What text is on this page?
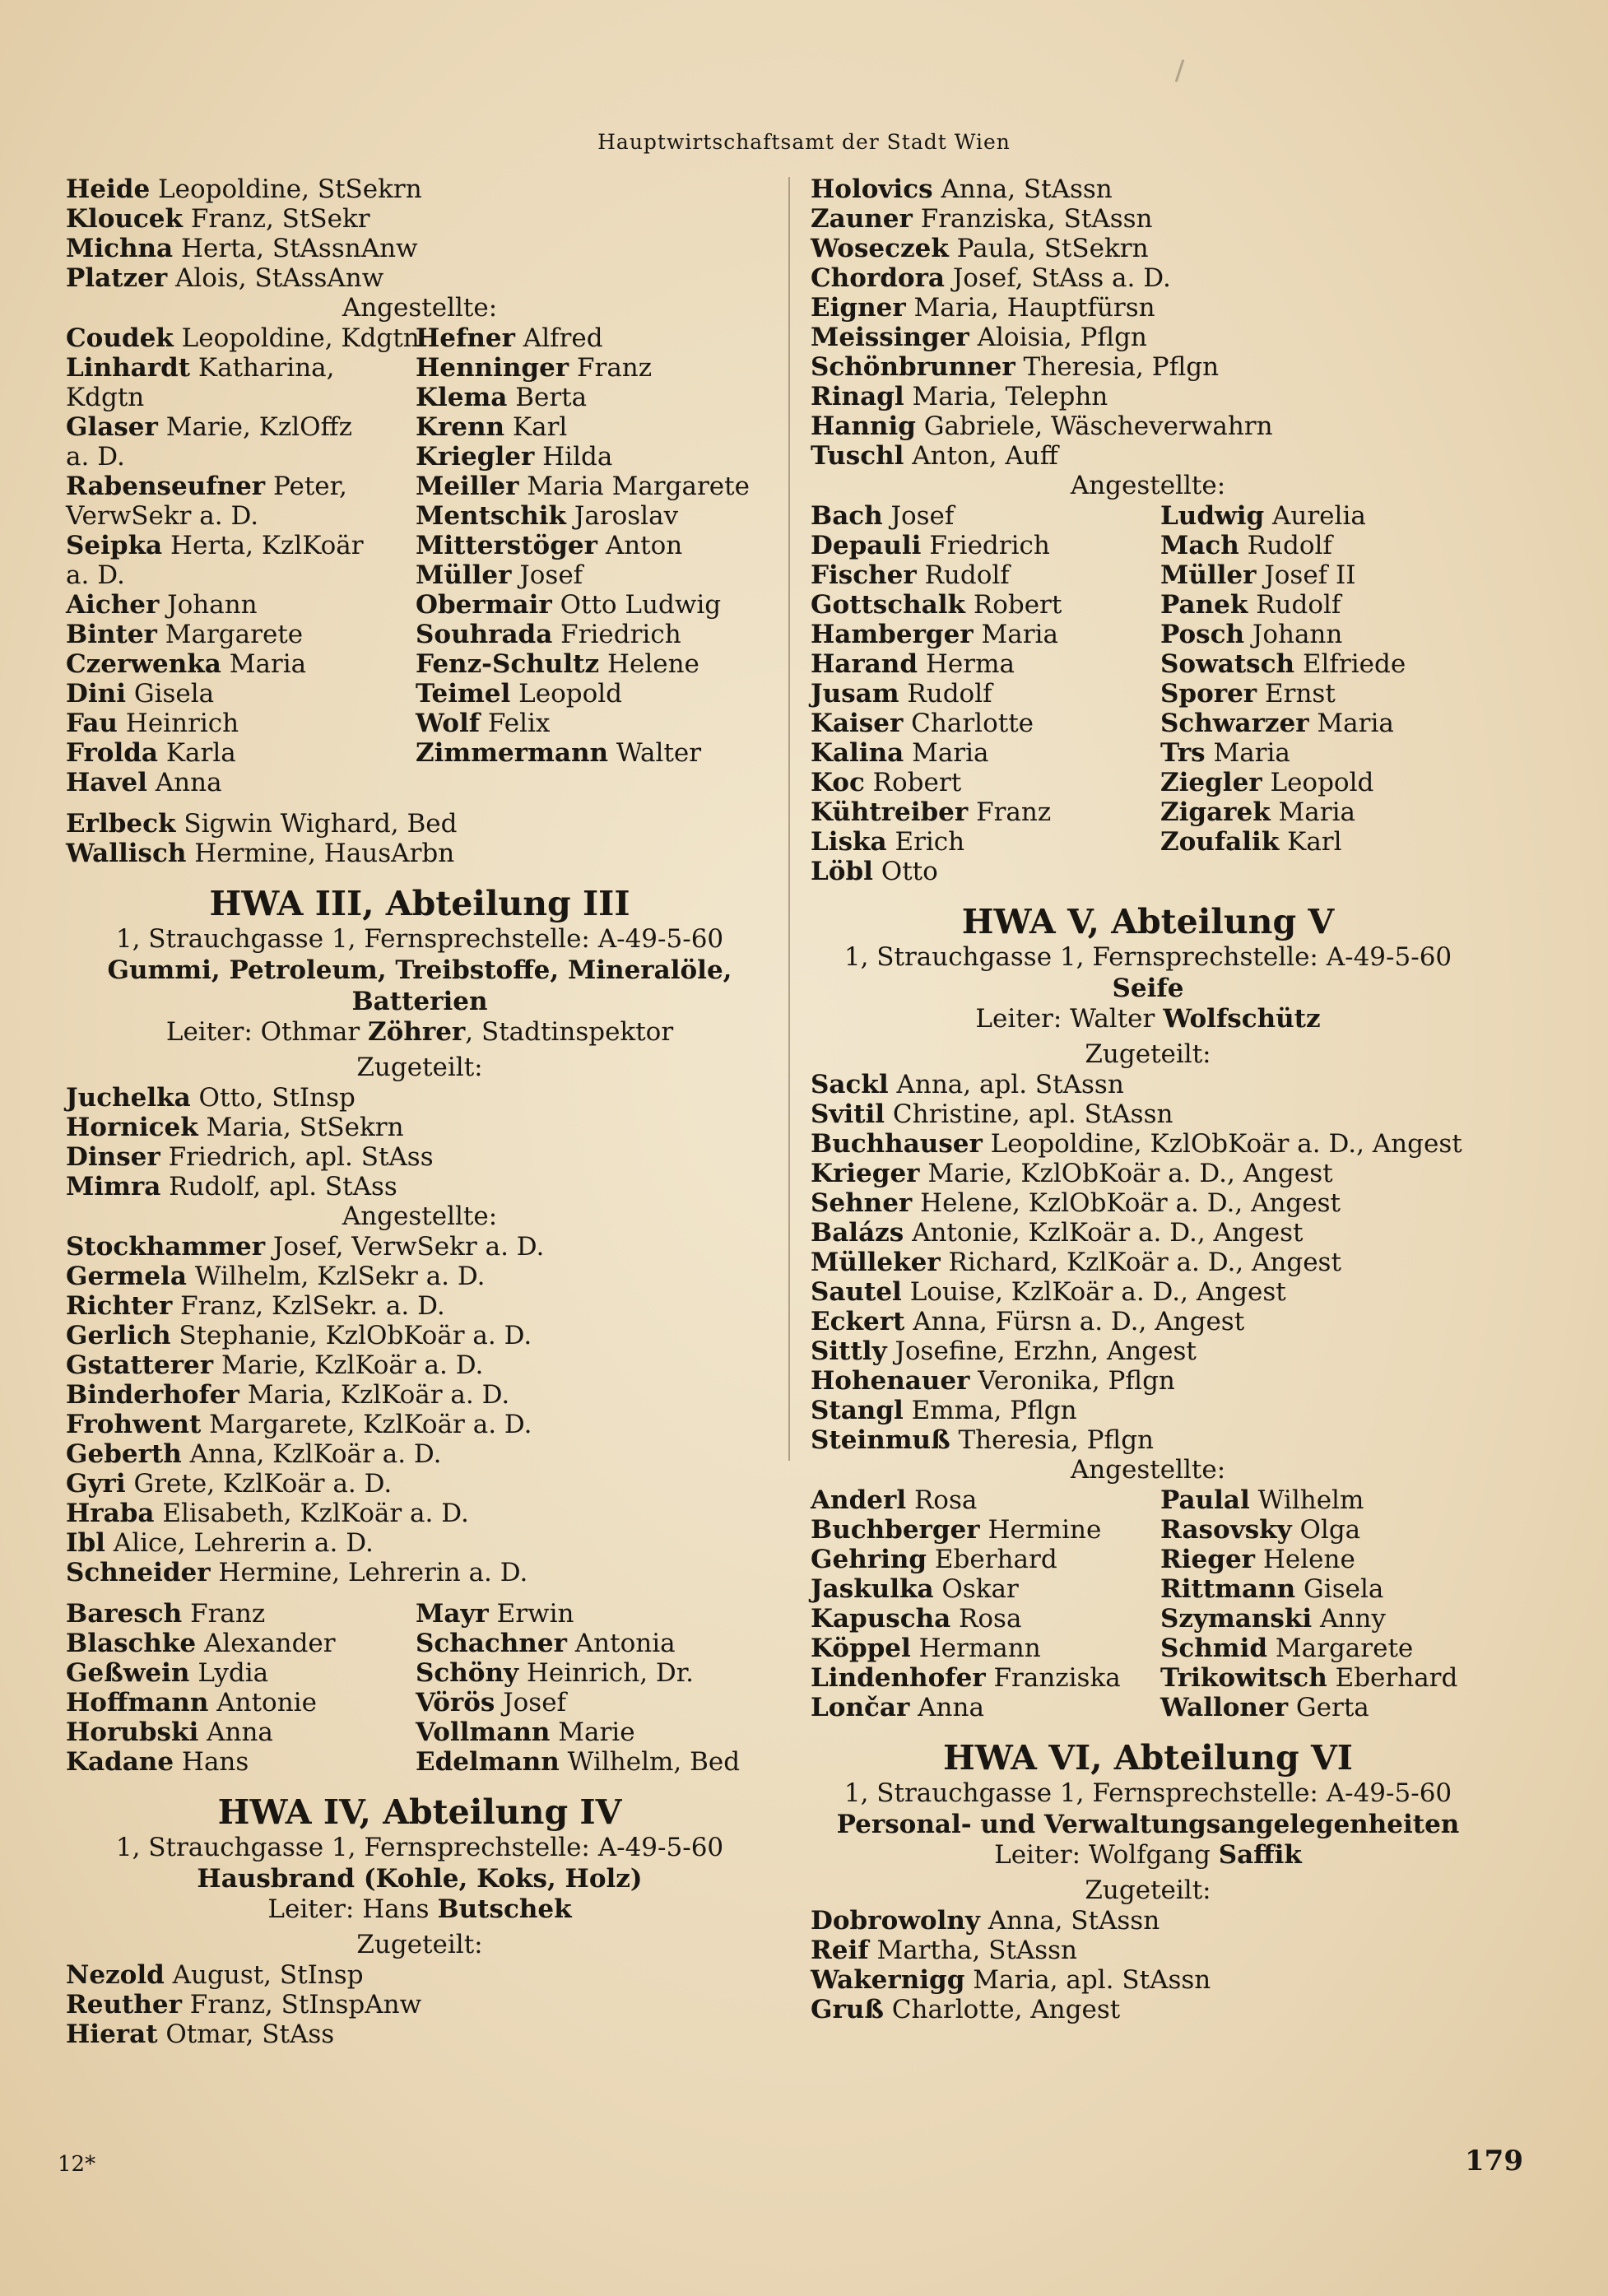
Hauptwirtschaftsamt der Stadt Wien
Heide Leopoldine, StSekrn
Kloucek Franz, StSekr
Michna Herta, StAssnAnw
Platzer Alois, StAssAnw
Angestellte:
Coudek Leopoldine, Kdgtn
Linhardt Katharina,
Kdgtn
Glaser Marie, KzlOffz
a. D.
Rabenseufner Peter,
VerwSekr a. D.
Seipka Herta, KzlKoär
a. D.
Aicher Johann
Binter Margarete
Czerwenka Maria
Dini Gisela
Fau Heinrich
Frolda Karla
Havel Anna
Hefner Alfred
Henninger Franz
Klema Berta
Krenn Karl
Kriegler Hilda
Meiller Maria Margarete
Mentschik Jaroslav
Mitterstöger Anton
Müller Josef
Obermair Otto Ludwig
Souhrada Friedrich
Fenz-Schultz Helene
Teimel Leopold
Wolf Felix
Zimmermann Walter
Erlbeck Sigwin Wighard, Bed
Wallisch Hermine, HausArbn
HWA III, Abteilung III
1, Strauchgasse 1, Fernsprechstelle: A-49-5-60
Gummi, Petroleum, Treibstoffe, Mineralöle, Batterien
Leiter: Othmar Zöhrer, Stadtinspektor
Zugeteilt:
Juchelka Otto, StInsp
Hornicek Maria, StSekrn
Dinser Friedrich, apl. StAss
Mimra Rudolf, apl. StAss
Angestellte:
Stockhammer Josef, VerwSekr a. D.
Germela Wilhelm, KzlSekr a. D.
Richter Franz, KzlSekr. a. D.
Gerlich Stephanie, KzlObKoär a. D.
Gstatterer Marie, KzlKoär a. D.
Binderhofer Maria, KzlKoär a. D.
Frohwent Margarete, KzlKoär a. D.
Geberth Anna, KzlKoär a. D.
Gyri Grete, KzlKoär a. D.
Hraba Elisabeth, KzlKoär a. D.
Ibl Alice, Lehrerin a. D.
Schneider Hermine, Lehrerin a. D.
Baresch Franz
Blaschke Alexander
Geßwein Lydia
Hoffmann Antonie
Horubski Anna
Kadane Hans
Mayr Erwin
Schachner Antonia
Schöny Heinrich, Dr.
Vörös Josef
Vollmann Marie
Edelmann Wilhelm, Bed
HWA IV, Abteilung IV
1, Strauchgasse 1, Fernsprechstelle: A-49-5-60
Hausbrand (Kohle, Koks, Holz)
Leiter: Hans Butschek
Zugeteilt:
Nezold August, StInsp
Reuther Franz, StInspAnw
Hierat Otmar, StAss
Holovics Anna, StAssn
Zauner Franziska, StAssn
Woseczek Paula, StSekrn
Chordora Josef, StAss a. D.
Eigner Maria, Hauptfürsn
Meissinger Aloisia, Pflgn
Schönbrunner Theresia, Pflgn
Rinagl Maria, Telephn
Hannig Gabriele, Wäscheverwahrn
Tuschl Anton, Auff
Angestellte:
Bach Josef
Depauli Friedrich
Fischer Rudolf
Gottschalk Robert
Hamberger Maria
Harand Herma
Jusam Rudolf
Kaiser Charlotte
Kalina Maria
Koc Robert
Kühtreiber Franz
Liska Erich
Löbl Otto
Ludwig Aurelia
Mach Rudolf
Müller Josef II
Panek Rudolf
Posch Johann
Sowatsch Elfriede
Sporer Ernst
Schwarzer Maria
Trs Maria
Ziegler Leopold
Zigarek Maria
Zoufalik Karl
HWA V, Abteilung V
1, Strauchgasse 1, Fernsprechstelle: A-49-5-60
Seife
Leiter: Walter Wolfschütz
Zugeteilt:
Sackl Anna, apl. StAssn
Svitil Christine, apl. StAssn
Buchhauser Leopoldine, KzlObKoär a. D., Angest
Krieger Marie, KzlObKoär a. D., Angest
Sehner Helene, KzlObKoär a. D., Angest
Balázs Antonie, KzlKoär a. D., Angest
Mülleker Richard, KzlKoär a. D., Angest
Sautel Louise, KzlKoär a. D., Angest
Eckert Anna, Fürsn a. D., Angest
Sittly Josefine, Erzhn, Angest
Hohenauer Veronika, Pflgn
Stangl Emma, Pflgn
Steinmuß Theresia, Pflgn
Angestellte:
Anderl Rosa
Buchberger Hermine
Gehring Eberhard
Jaskulka Oskar
Kapuscha Rosa
Köppel Hermann
Lindenhofer Franziska
Lončar Anna
Paulal Wilhelm
Rasovsky Olga
Rieger Helene
Rittmann Gisela
Szymanski Anny
Schmid Margarete
Trikowitsch Eberhard
Walloner Gerta
HWA VI, Abteilung VI
1, Strauchgasse 1, Fernsprechstelle: A-49-5-60
Personal- und Verwaltungsangelegenheiten
Leiter: Wolfgang Saffik
Zugeteilt:
Dobrowolny Anna, StAssn
Reif Martha, StAssn
Wakernigg Maria, apl. StAssn
Gruß Charlotte, Angest
12*	179
